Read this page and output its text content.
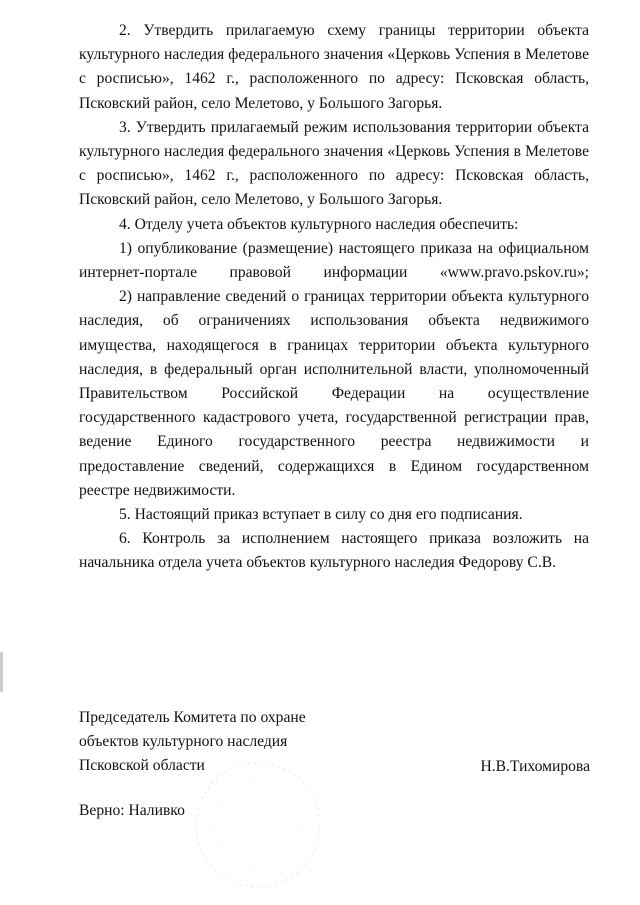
2. Утвердить прилагаемую схему границы территории объекта культурного наследия федерального значения «Церковь Успения в Мелетове с росписью», 1462 г., расположенного по адресу: Псковская область, Псковский район, село Мелетово, у Большого Загорья.

3. Утвердить прилагаемый режим использования территории объекта культурного наследия федерального значения «Церковь Успения в Мелетове с росписью», 1462 г., расположенного по адресу: Псковская область, Псковский район, село Мелетово, у Большого Загорья.

4. Отделу учета объектов культурного наследия обеспечить:

1) опубликование (размещение) настоящего приказа на официальном интернет-портале правовой информации «www.pravo.pskov.ru»;

2) направление сведений о границах территории объекта культурного наследия, об ограничениях использования объекта недвижимого имущества, находящегося в границах территории объекта культурного наследия, в федеральный орган исполнительной власти, уполномоченный Правительством Российской Федерации на осуществление государственного кадастрового учета, государственной регистрации прав, ведение Единого государственного реестра недвижимости и предоставление сведений, содержащихся в Едином государственном реестре недвижимости.

5. Настоящий приказ вступает в силу со дня его подписания.

6. Контроль за исполнением настоящего приказа возложить на начальника отдела учета объектов культурного наследия Федорову С.В.

Председатель Комитета по охране
объектов культурного наследия
Псковской области	Н.В.Тихомирова
Верно: Наливко
